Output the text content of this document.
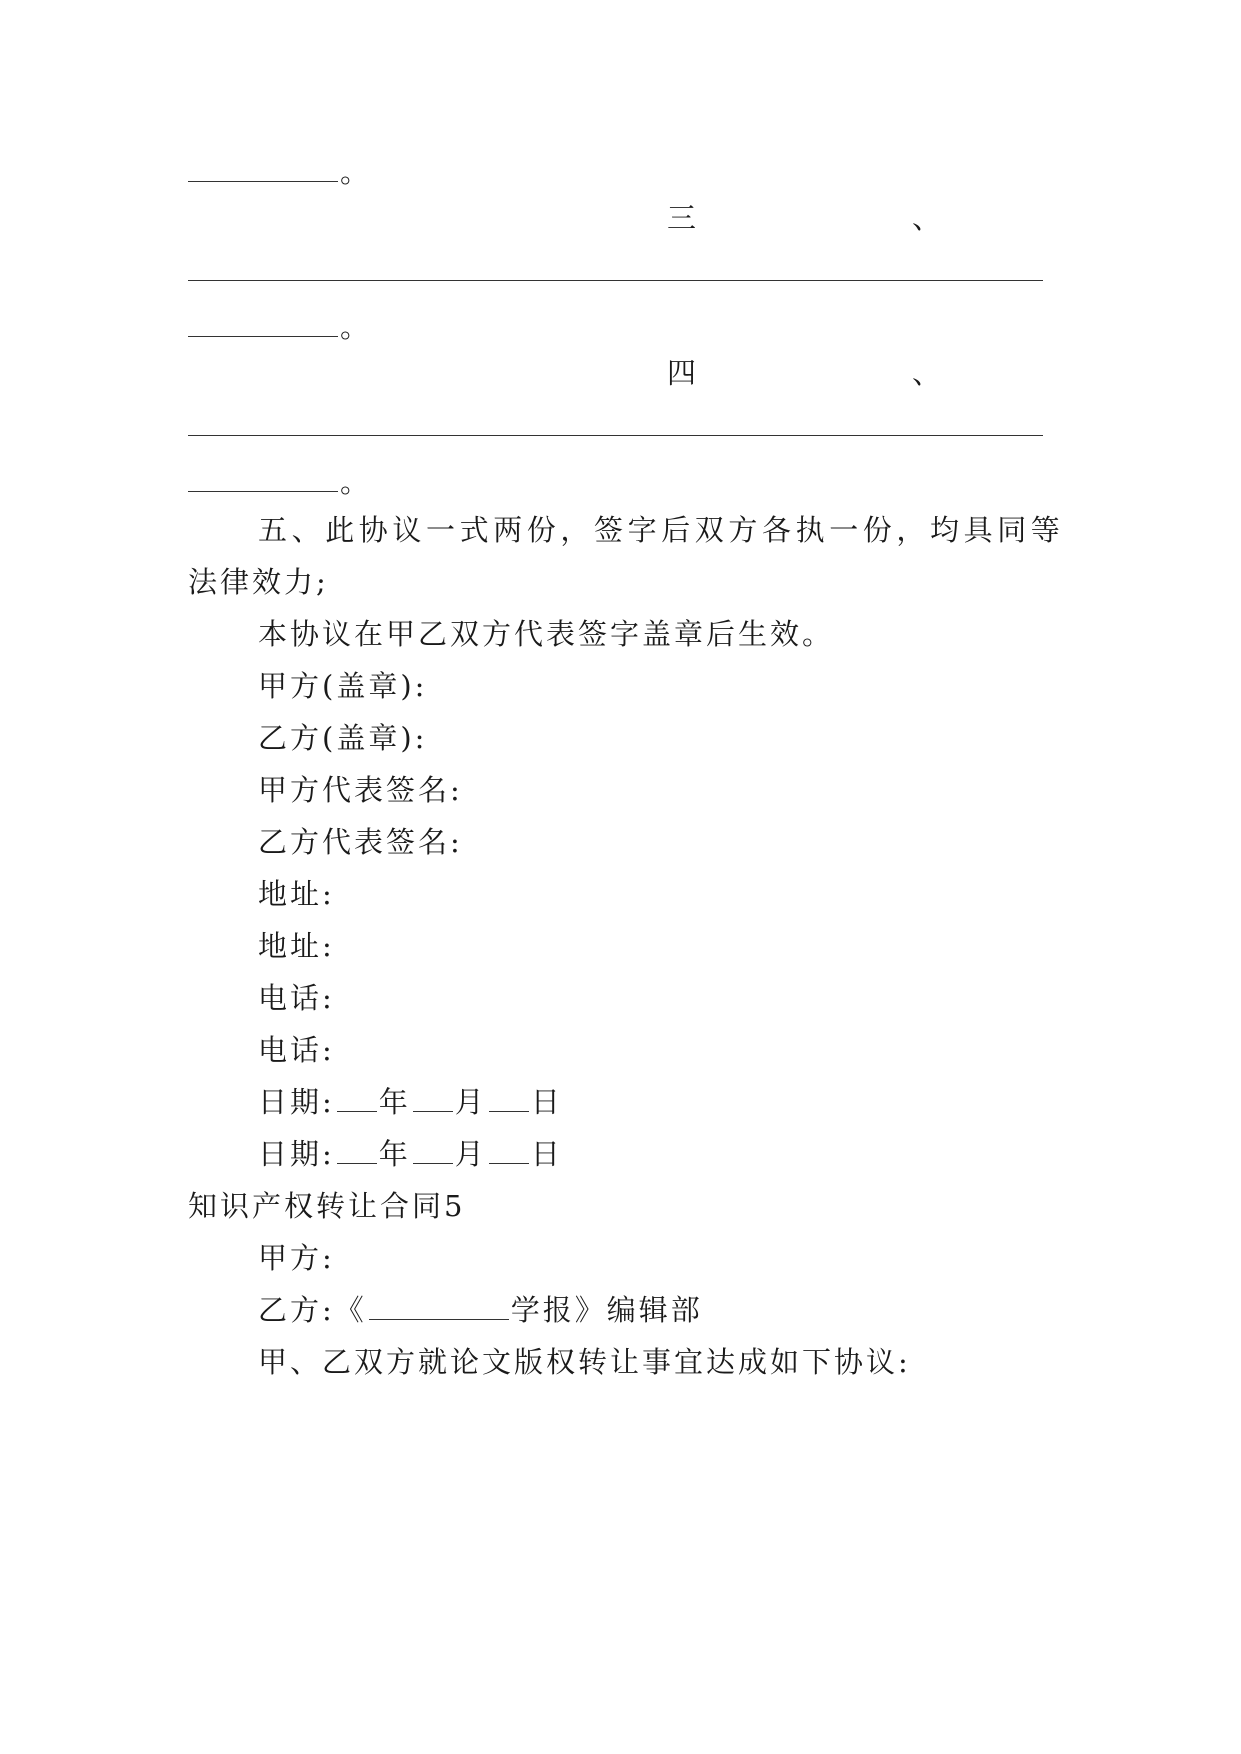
。
三	、
。
四	、
。
五、此协议一式两份，签字后双方各执一份，均具同等
法律效力;
本协议在甲乙双方代表签字盖章后生效。
甲方(盖章):
乙方(盖章):
甲方代表签名:
乙方代表签名:
地址:
地址:
电话:
电话:
日期: 年 月 日
日期: 年 月 日
知识产权转让合同5
甲方:
乙方:《	学报》编辑部
甲、乙双方就论文版权转让事宜达成如下协议:
